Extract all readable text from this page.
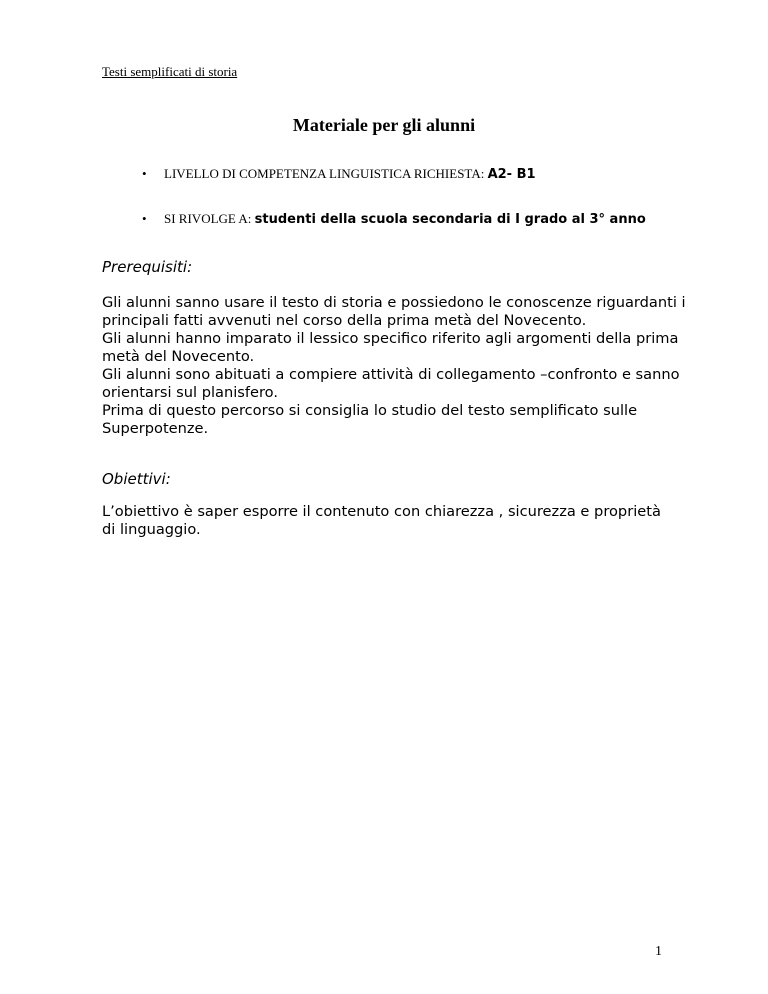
Testi semplificati di storia
Materiale per gli alunni
• LIVELLO DI COMPETENZA LINGUISTICA RICHIESTA: A2- B1
• SI RIVOLGE A: studenti della scuola secondaria di I grado al 3° anno
Prerequisiti:
Gli alunni sanno usare il testo di storia e possiedono le conoscenze riguardanti i
principali fatti avvenuti nel corso della prima metà del Novecento.
Gli alunni hanno imparato il lessico specifico riferito agli argomenti della prima
metà del Novecento.
Gli alunni sono abituati a compiere attività di collegamento –confronto e sanno
orientarsi sul planisfero.
Prima di questo percorso si consiglia lo studio del testo semplificato sulle
Superpotenze.
Obiettivi:
L’obiettivo è saper esporre il contenuto con chiarezza , sicurezza e proprietà
di linguaggio.
1
